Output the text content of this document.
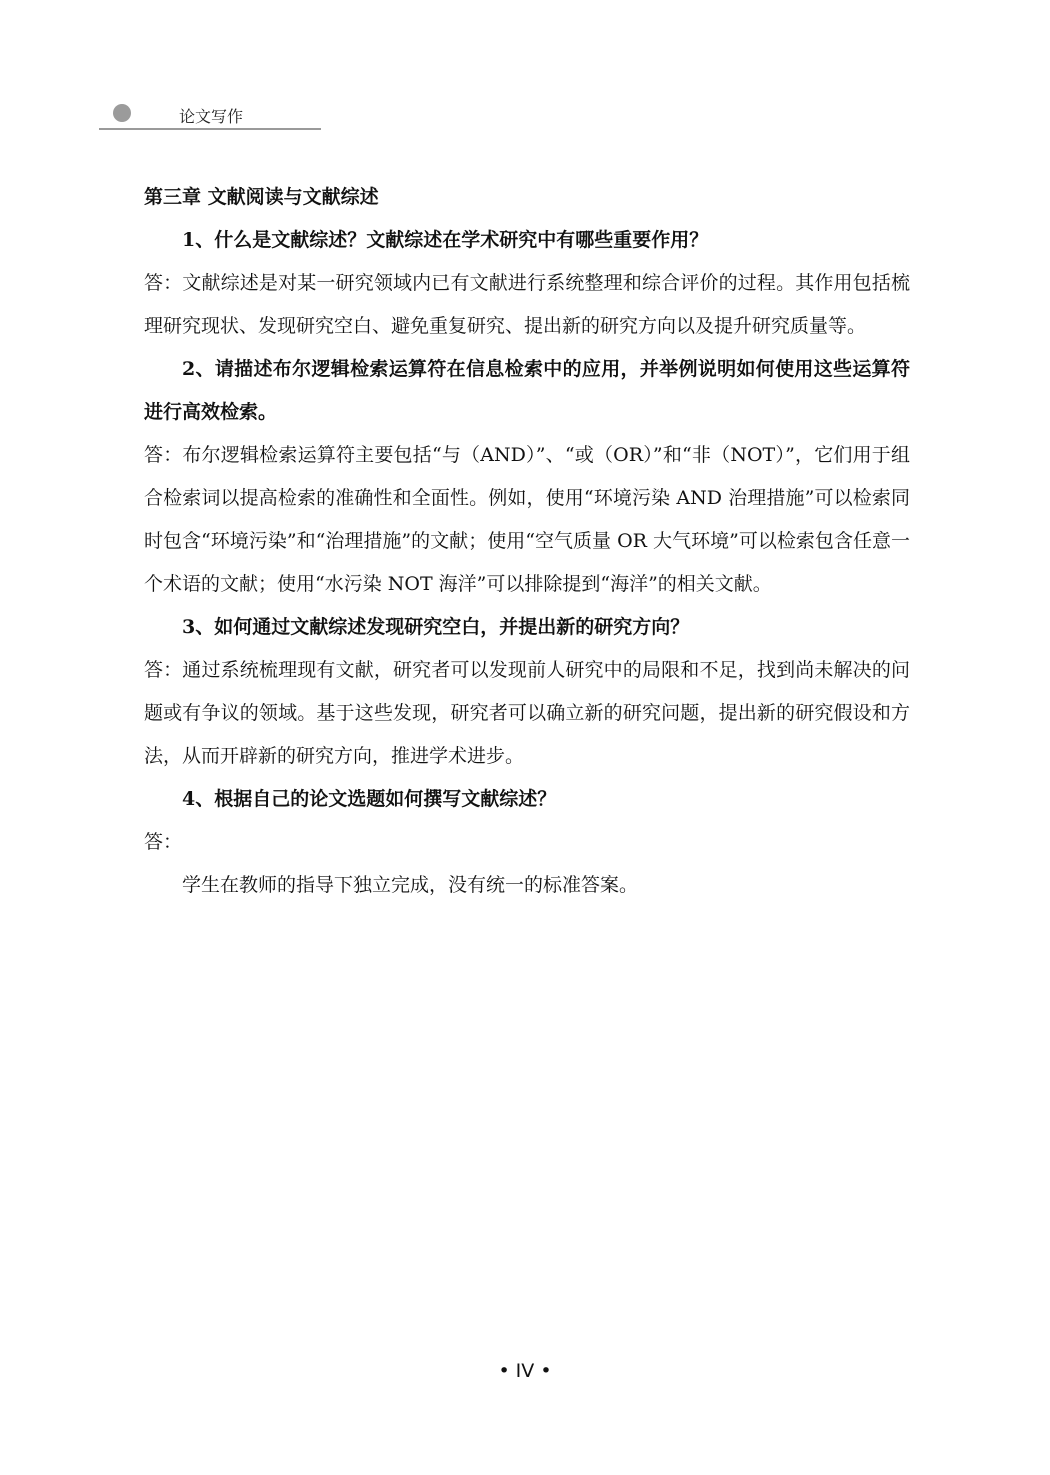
论文写作

第三章 文献阅读与文献综述

1、什么是文献综述？文献综述在学术研究中有哪些重要作用？

答：文献综述是对某一研究领域内已有文献进行系统整理和综合评价的过程。其作用包括梳理研究现状、发现研究空白、避免重复研究、提出新的研究方向以及提升研究质量等。

2、请描述布尔逻辑检索运算符在信息检索中的应用，并举例说明如何使用这些运算符进行高效检索。

答：布尔逻辑检索运算符主要包括“与（AND）”、“或（OR）”和“非（NOT）”，它们用于组合检索词以提高检索的准确性和全面性。例如，使用“环境污染 AND 治理措施”可以检索同时包含“环境污染”和“治理措施”的文献；使用“空气质量 OR 大气环境”可以检索包含任意一个术语的文献；使用“水污染 NOT 海洋”可以排除提到“海洋”的相关文献。

3、如何通过文献综述发现研究空白，并提出新的研究方向？

答：通过系统梳理现有文献，研究者可以发现前人研究中的局限和不足，找到尚未解决的问题或有争议的领域。基于这些发现，研究者可以确立新的研究问题，提出新的研究假设和方法，从而开辟新的研究方向，推进学术进步。

4、根据自己的论文选题如何撰写文献综述？

答：

学生在教师的指导下独立完成，没有统一的标准答案。

• IV •
